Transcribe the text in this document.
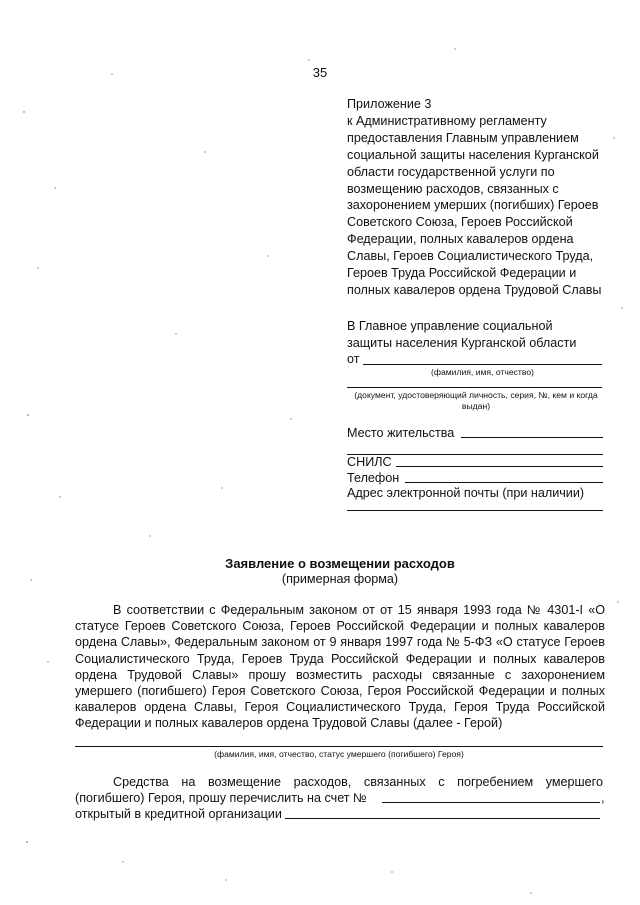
35
Приложение 3
к Административному регламенту предоставления Главным управлением социальной защиты населения Курганской области государственной услуги по возмещению расходов, связанных с захоронением умерших (погибших) Героев Советского Союза, Героев Российской Федерации, полных кавалеров ордена Славы, Героев Социалистического Труда, Героев Труда Российской Федерации и полных кавалеров ордена Трудовой Славы
В Главное управление социальной
защиты населения Курганской области
от
(фамилия, имя, отчество)
(документ, удостоверяющий личность, серия, №, кем и когда выдан)
Место жительства
СНИЛС
Телефон
Адрес электронной почты (при наличии)
Заявление о возмещении расходов
(примерная форма)
В соответствии с Федеральным законом от от 15 января 1993 года № 4301-I «О статусе Героев Советского Союза, Героев Российской Федерации и полных кавалеров ордена Славы», Федеральным законом от 9 января 1997 года № 5-ФЗ «О статусе Героев Социалистического Труда, Героев Труда Российской Федерации и полных кавалеров ордена Трудовой Славы» прошу возместить расходы связанные с захоронением умершего (погибшего) Героя Советского Союза, Героя Российской Федерации и полных кавалеров ордена Славы, Героя Социалистического Труда, Героя Труда Российской Федерации и полных кавалеров ордена Трудовой Славы (далее - Герой)
(фамилия, имя, отчество, статус умершего (погибшего) Героя)
Средства на возмещение расходов, связанных с погребением умершего
(погибшего) Героя, прошу перечислить на счет №	,
открытый в кредитной организации
